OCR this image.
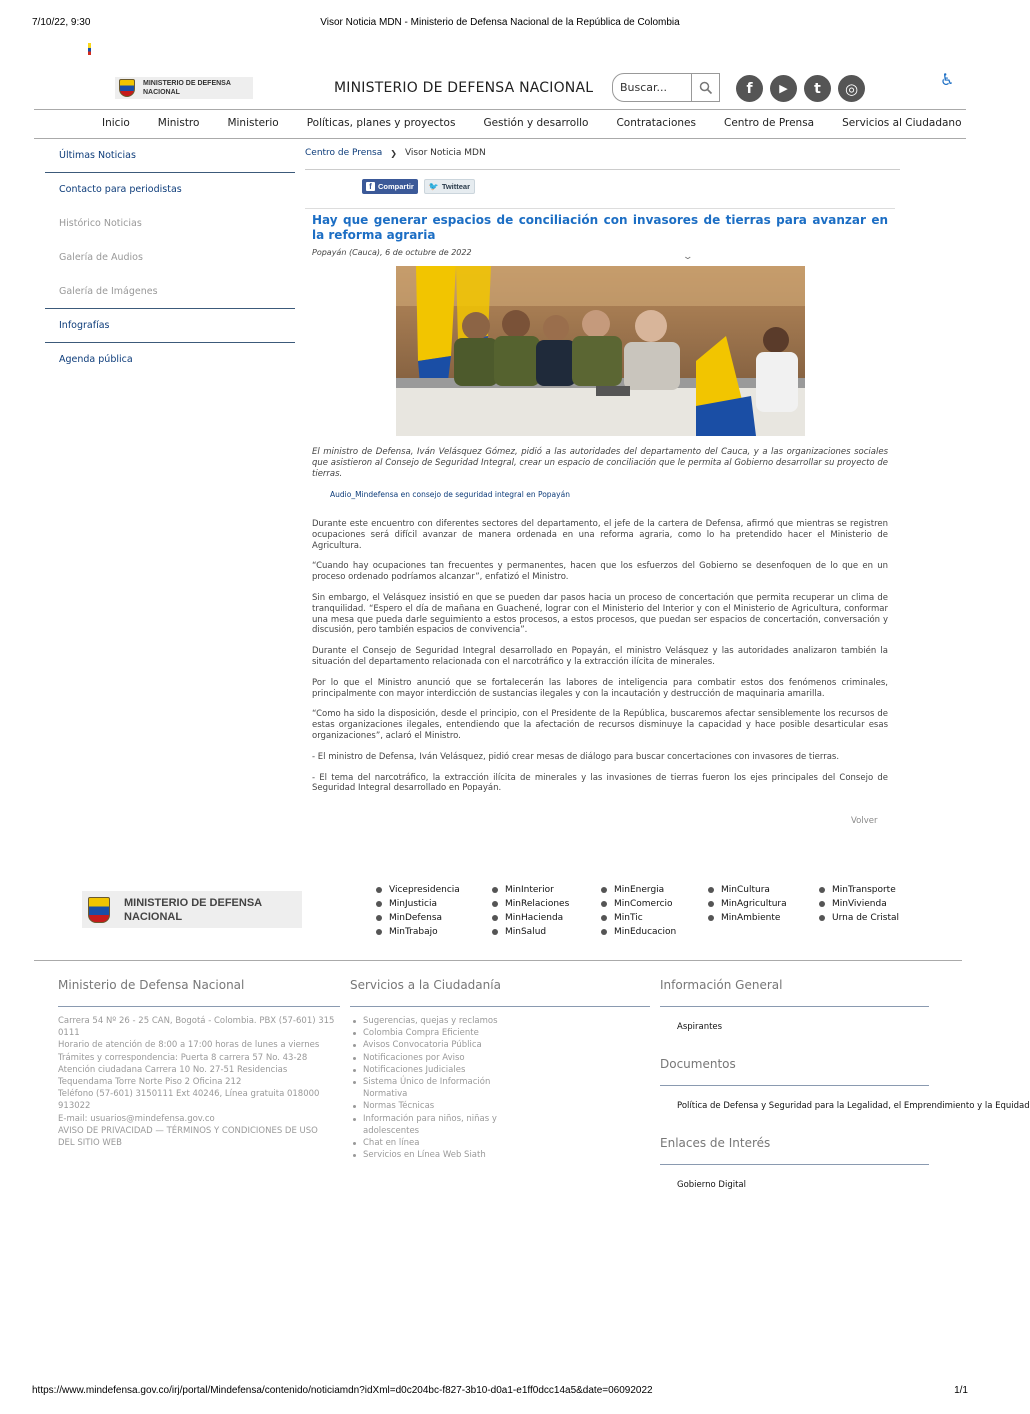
7/10/22, 9:30	Visor Noticia MDN - Ministerio de Defensa Nacional de la República de Colombia
https://www.mindefensa.gov.co/irj/portal/Mindefensa/contenido/noticiamdn?idXml=d0c204bc-f827-3b10-d0a1-e1ff0dcc14a5&date=06092022	1/1
MINISTERIO DE DEFENSA
NACIONAL	MINISTERIO DE DEFENSA NACIONAL
Buscar...	f	▶	t	◎	♿
Inicio	Ministro	Ministerio	Políticas, planes y proyectos	Gestión y desarrollo	Contrataciones	Centro de Prensa	Servicios al Ciudadano
Últimas Noticias
Contacto para periodistas
Histórico Noticias
Galería de Audios
Galería de Imágenes
Infografías
Agenda pública
Centro de Prensa ❯ Visor Noticia MDN
f Compartir 🐦 Twittear
Hay que generar espacios de conciliación con invasores de tierras para avanzar en la reforma agraria
Popayán (Cauca), 6 de octubre de 2022	⌄

El ministro de Defensa, Iván Velásquez Gómez, pidió a las autoridades del departamento del Cauca, y a las organizaciones sociales que asistieron al Consejo de Seguridad Integral, crear un espacio de conciliación que le permita al Gobierno desarrollar su proyecto de tierras.

Audio_Mindefensa en consejo de seguridad integral en Popayán

Durante este encuentro con diferentes sectores del departamento, el jefe de la cartera de Defensa, afirmó que mientras se registren ocupaciones será difícil avanzar de manera ordenada en una reforma agraria, como lo ha pretendido hacer el Ministerio de Agricultura.

“Cuando hay ocupaciones tan frecuentes y permanentes, hacen que los esfuerzos del Gobierno se desenfoquen de lo que en un proceso ordenado podríamos alcanzar”, enfatizó el Ministro.

Sin embargo, el Velásquez insistió en que se pueden dar pasos hacia un proceso de concertación que permita recuperar un clima de tranquilidad. “Espero el día de mañana en Guachené, lograr con el Ministerio del Interior y con el Ministerio de Agricultura, conformar una mesa que pueda darle seguimiento a estos procesos, a estos procesos, que puedan ser espacios de concertación, conversación y discusión, pero también espacios de convivencia”.

Durante el Consejo de Seguridad Integral desarrollado en Popayán, el ministro Velásquez y las autoridades analizaron también la situación del departamento relacionada con el narcotráfico y la extracción ilícita de minerales.

Por lo que el Ministro anunció que se fortalecerán las labores de inteligencia para combatir estos dos fenómenos criminales, principalmente con mayor interdicción de sustancias ilegales y con la incautación y destrucción de maquinaria amarilla.

“Como ha sido la disposición, desde el principio, con el Presidente de la República, buscaremos afectar sensiblemente los recursos de estas organizaciones ilegales, entendiendo que la afectación de recursos disminuye la capacidad y hace posible desarticular esas organizaciones”, aclaró el Ministro.

- El ministro de Defensa, Iván Velásquez, pidió crear mesas de diálogo para buscar concertaciones con invasores de tierras.

- El tema del narcotráfico, la extracción ilícita de minerales y las invasiones de tierras fueron los ejes principales del Consejo de Seguridad Integral desarrollado en Popayán.

Volver
MINISTERIO DE DEFENSA
NACIONAL
Vicepresidencia
MinJusticia
MinDefensa
MinTrabajo
MinInterior
MinRelaciones
MinHacienda
MinSalud
MinEnergia
MinComercio
MinTic
MinEducacion
MinCultura
MinAgricultura
MinAmbiente
MinTransporte
MinVivienda
Urna de Cristal
Ministerio de Defensa Nacional
Carrera 54 Nº 26 - 25 CAN, Bogotá - Colombia. PBX (57-601) 315 0111
Horario de atención de 8:00 a 17:00 horas de lunes a viernes
Trámites y correspondencia: Puerta 8 carrera 57 No. 43-28
Atención ciudadana Carrera 10 No. 27-51 Residencias Tequendama Torre Norte Piso 2 Oficina 212
Teléfono (57-601) 3150111 Ext 40246, Línea gratuita 018000 913022
E-mail: usuarios@mindefensa.gov.co
AVISO DE PRIVACIDAD — TÉRMINOS Y CONDICIONES DE USO DEL SITIO WEB
Servicios a la Ciudadanía
Sugerencias, quejas y reclamos
Colombia Compra Eficiente
Avisos Convocatoria Pública
Notificaciones por Aviso
Notificaciones Judiciales
Sistema Único de Información Normativa
Normas Técnicas
Información para niños, niñas y adolescentes
Chat en línea
Servicios en Línea Web Siath
Información General
Aspirantes
Documentos
Política de Defensa y Seguridad para la Legalidad, el Emprendimiento y la Equidad
Enlaces de Interés
Gobierno Digital
